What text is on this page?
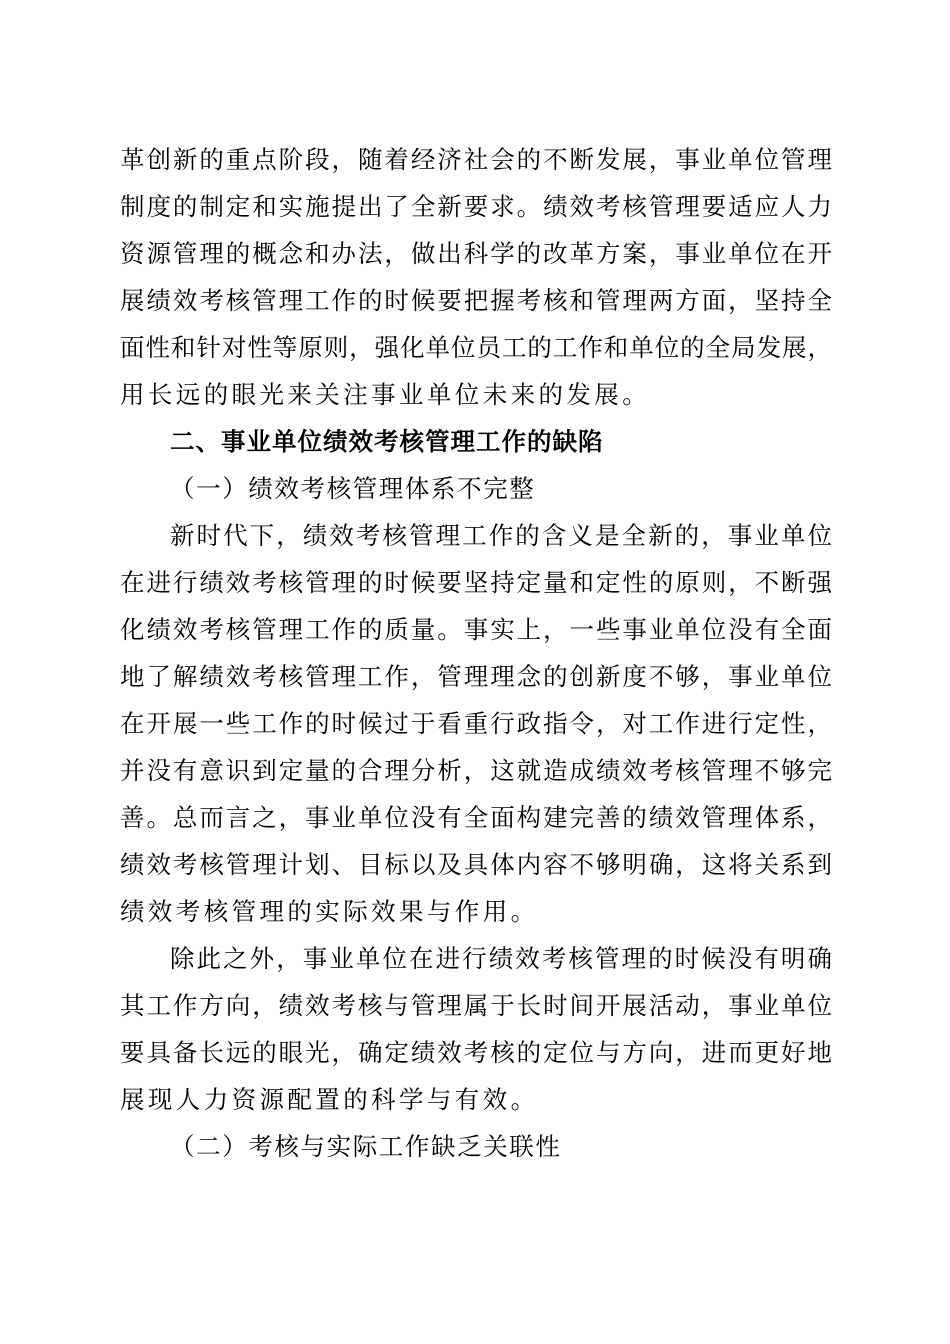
革创新的重点阶段，随着经济社会的不断发展，事业单位管理
制度的制定和实施提出了全新要求。绩效考核管理要适应人力
资源管理的概念和办法，做出科学的改革方案，事业单位在开
展绩效考核管理工作的时候要把握考核和管理两方面，坚持全
面性和针对性等原则，强化单位员工的工作和单位的全局发展，
用长远的眼光来关注事业单位未来的发展。
二、事业单位绩效考核管理工作的缺陷
（一）绩效考核管理体系不完整
新时代下，绩效考核管理工作的含义是全新的，事业单位
在进行绩效考核管理的时候要坚持定量和定性的原则，不断强
化绩效考核管理工作的质量。事实上，一些事业单位没有全面
地了解绩效考核管理工作，管理理念的创新度不够，事业单位
在开展一些工作的时候过于看重行政指令，对工作进行定性，
并没有意识到定量的合理分析，这就造成绩效考核管理不够完
善。总而言之，事业单位没有全面构建完善的绩效管理体系，
绩效考核管理计划、目标以及具体内容不够明确，这将关系到
绩效考核管理的实际效果与作用。
除此之外，事业单位在进行绩效考核管理的时候没有明确
其工作方向，绩效考核与管理属于长时间开展活动，事业单位
要具备长远的眼光，确定绩效考核的定位与方向，进而更好地
展现人力资源配置的科学与有效。
（二）考核与实际工作缺乏关联性
